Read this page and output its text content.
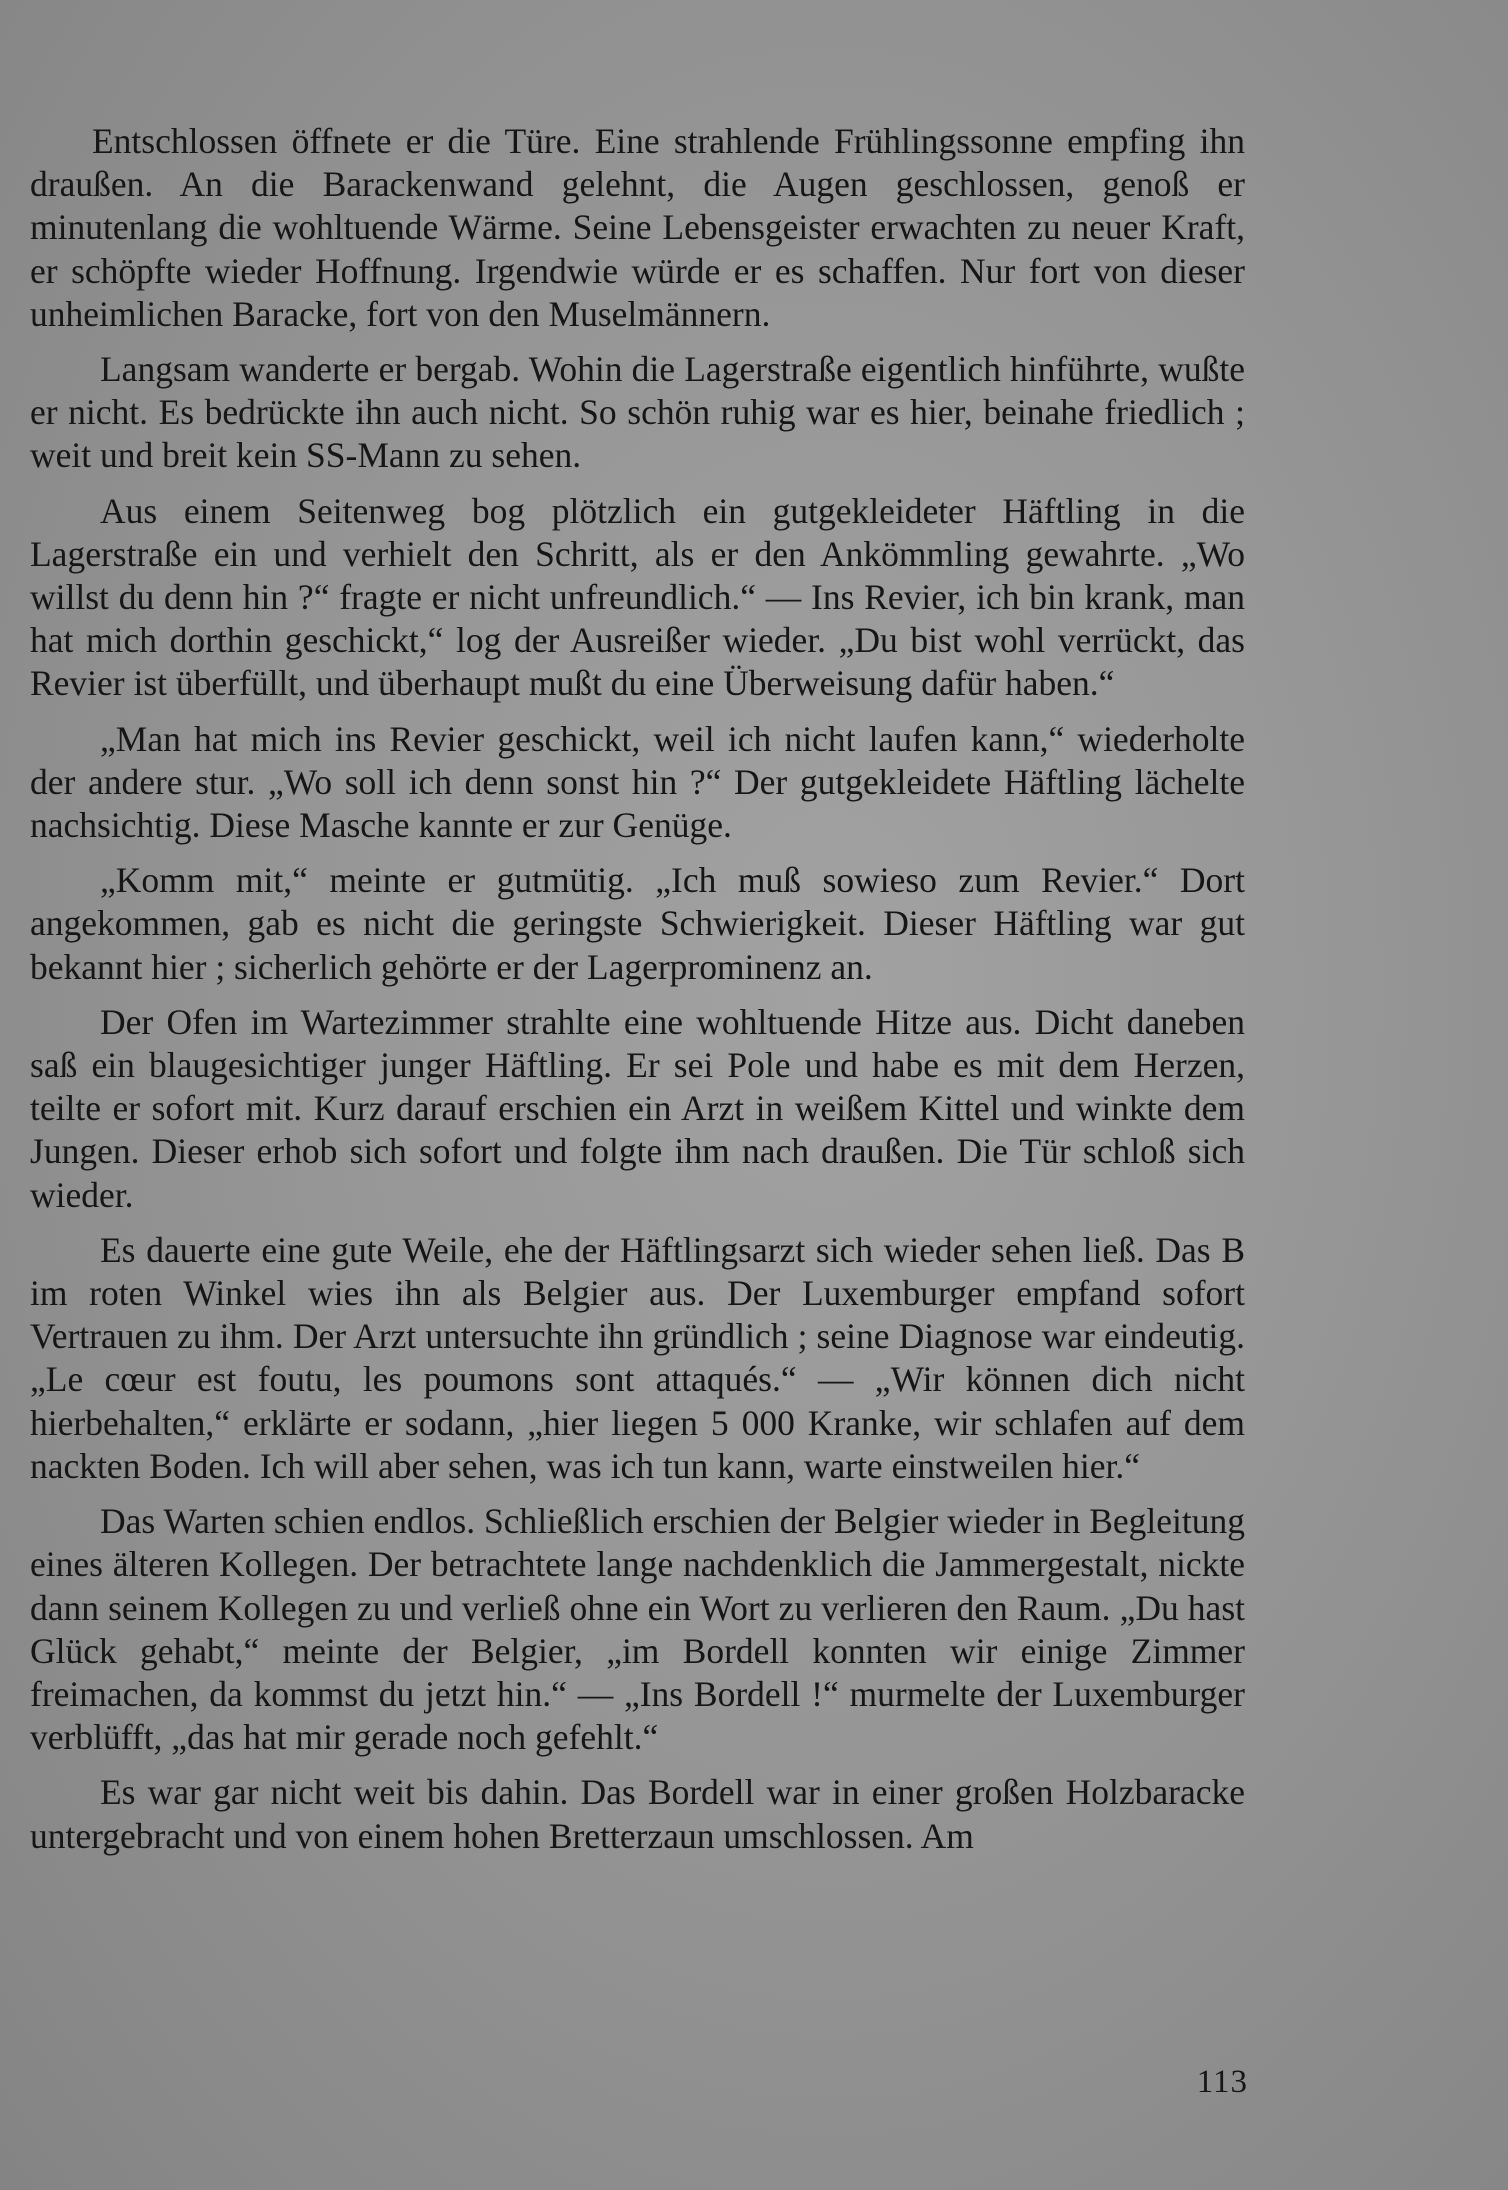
Entschlossen öffnete er die Türe. Eine strahlende Frühlingssonne empfing ihn draußen. An die Barackenwand gelehnt, die Augen geschlossen, genoß er minutenlang die wohltuende Wärme. Seine Lebensgeister erwachten zu neuer Kraft, er schöpfte wieder Hoffnung. Irgendwie würde er es schaffen. Nur fort von dieser unheimlichen Baracke, fort von den Muselmännern.

Langsam wanderte er bergab. Wohin die Lagerstraße eigentlich hinführte, wußte er nicht. Es bedrückte ihn auch nicht. So schön ruhig war es hier, beinahe friedlich ; weit und breit kein SS-Mann zu sehen.

Aus einem Seitenweg bog plötzlich ein gutgekleideter Häftling in die Lagerstraße ein und verhielt den Schritt, als er den Ankömmling gewahrte. „Wo willst du denn hin ?“ fragte er nicht unfreundlich.“ — Ins Revier, ich bin krank, man hat mich dorthin geschickt,“ log der Ausreißer wieder. „Du bist wohl verrückt, das Revier ist überfüllt, und überhaupt mußt du eine Überweisung dafür haben.“

„Man hat mich ins Revier geschickt, weil ich nicht laufen kann,“ wiederholte der andere stur. „Wo soll ich denn sonst hin ?“ Der gutgekleidete Häftling lächelte nachsichtig. Diese Masche kannte er zur Genüge.

„Komm mit,“ meinte er gutmütig. „Ich muß sowieso zum Revier.“ Dort angekommen, gab es nicht die geringste Schwierigkeit. Dieser Häftling war gut bekannt hier ; sicherlich gehörte er der Lagerprominenz an.

Der Ofen im Wartezimmer strahlte eine wohltuende Hitze aus. Dicht daneben saß ein blaugesichtiger junger Häftling. Er sei Pole und habe es mit dem Herzen, teilte er sofort mit. Kurz darauf erschien ein Arzt in weißem Kittel und winkte dem Jungen. Dieser erhob sich sofort und folgte ihm nach draußen. Die Tür schloß sich wieder.

Es dauerte eine gute Weile, ehe der Häftlingsarzt sich wieder sehen ließ. Das B im roten Winkel wies ihn als Belgier aus. Der Luxemburger empfand sofort Vertrauen zu ihm. Der Arzt untersuchte ihn gründlich ; seine Diagnose war eindeutig. „Le cœur est foutu, les poumons sont attaqués.“ — „Wir können dich nicht hierbehalten,“ erklärte er sodann, „hier liegen 5 000 Kranke, wir schlafen auf dem nackten Boden. Ich will aber sehen, was ich tun kann, warte einstweilen hier.“

Das Warten schien endlos. Schließlich erschien der Belgier wieder in Begleitung eines älteren Kollegen. Der betrachtete lange nachdenklich die Jammergestalt, nickte dann seinem Kollegen zu und verließ ohne ein Wort zu verlieren den Raum. „Du hast Glück gehabt,“ meinte der Belgier, „im Bordell konnten wir einige Zimmer freimachen, da kommst du jetzt hin.“ — „Ins Bordell !“ murmelte der Luxemburger verblüfft, „das hat mir gerade noch gefehlt.“

Es war gar nicht weit bis dahin. Das Bordell war in einer großen Holzbaracke untergebracht und von einem hohen Bretterzaun umschlossen. Am

113
